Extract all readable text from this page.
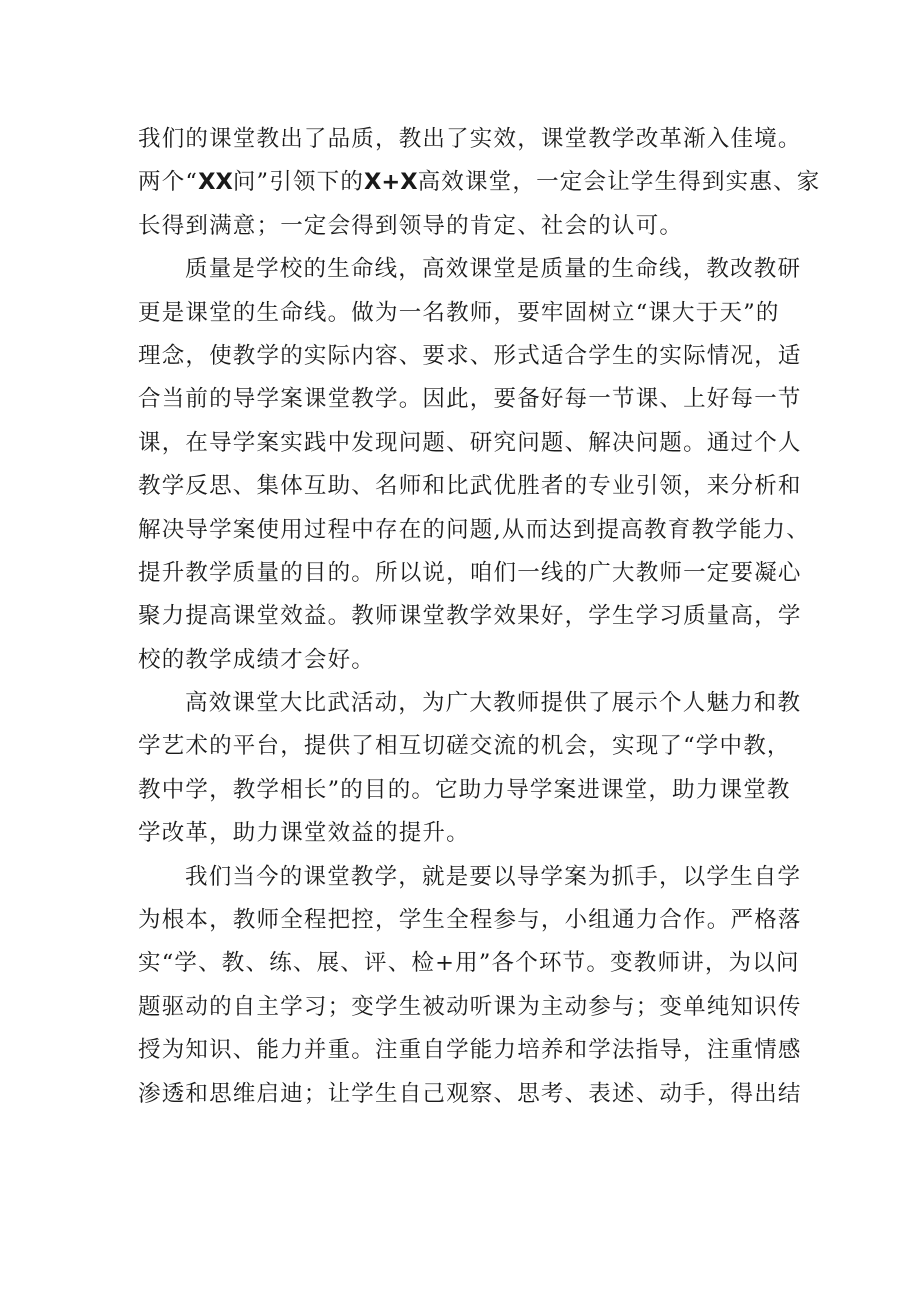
我们的课堂教出了品质，教出了实效，课堂教学改革渐入佳境。
两个“XX问”引领下的X+X高效课堂，一定会让学生得到实惠、家
长得到满意；一定会得到领导的肯定、社会的认可。
质量是学校的生命线，高效课堂是质量的生命线，教改教研
更是课堂的生命线。做为一名教师，要牢固树立“课大于天”的
理念，使教学的实际内容、要求、形式适合学生的实际情况，适
合当前的导学案课堂教学。因此，要备好每一节课、上好每一节
课，在导学案实践中发现问题、研究问题、解决问题。通过个人
教学反思、集体互助、名师和比武优胜者的专业引领，来分析和
解决导学案使用过程中存在的问题,从而达到提高教育教学能力、
提升教学质量的目的。所以说，咱们一线的广大教师一定要凝心
聚力提高课堂效益。教师课堂教学效果好，学生学习质量高，学
校的教学成绩才会好。
高效课堂大比武活动，为广大教师提供了展示个人魅力和教
学艺术的平台，提供了相互切磋交流的机会，实现了“学中教，
教中学，教学相长”的目的。它助力导学案进课堂，助力课堂教
学改革，助力课堂效益的提升。
我们当今的课堂教学，就是要以导学案为抓手，以学生自学
为根本，教师全程把控，学生全程参与，小组通力合作。严格落
实“学、教、练、展、评、检+用”各个环节。变教师讲，为以问
题驱动的自主学习；变学生被动听课为主动参与；变单纯知识传
授为知识、能力并重。注重自学能力培养和学法指导，注重情感
渗透和思维启迪；让学生自己观察、思考、表述、动手，得出结
